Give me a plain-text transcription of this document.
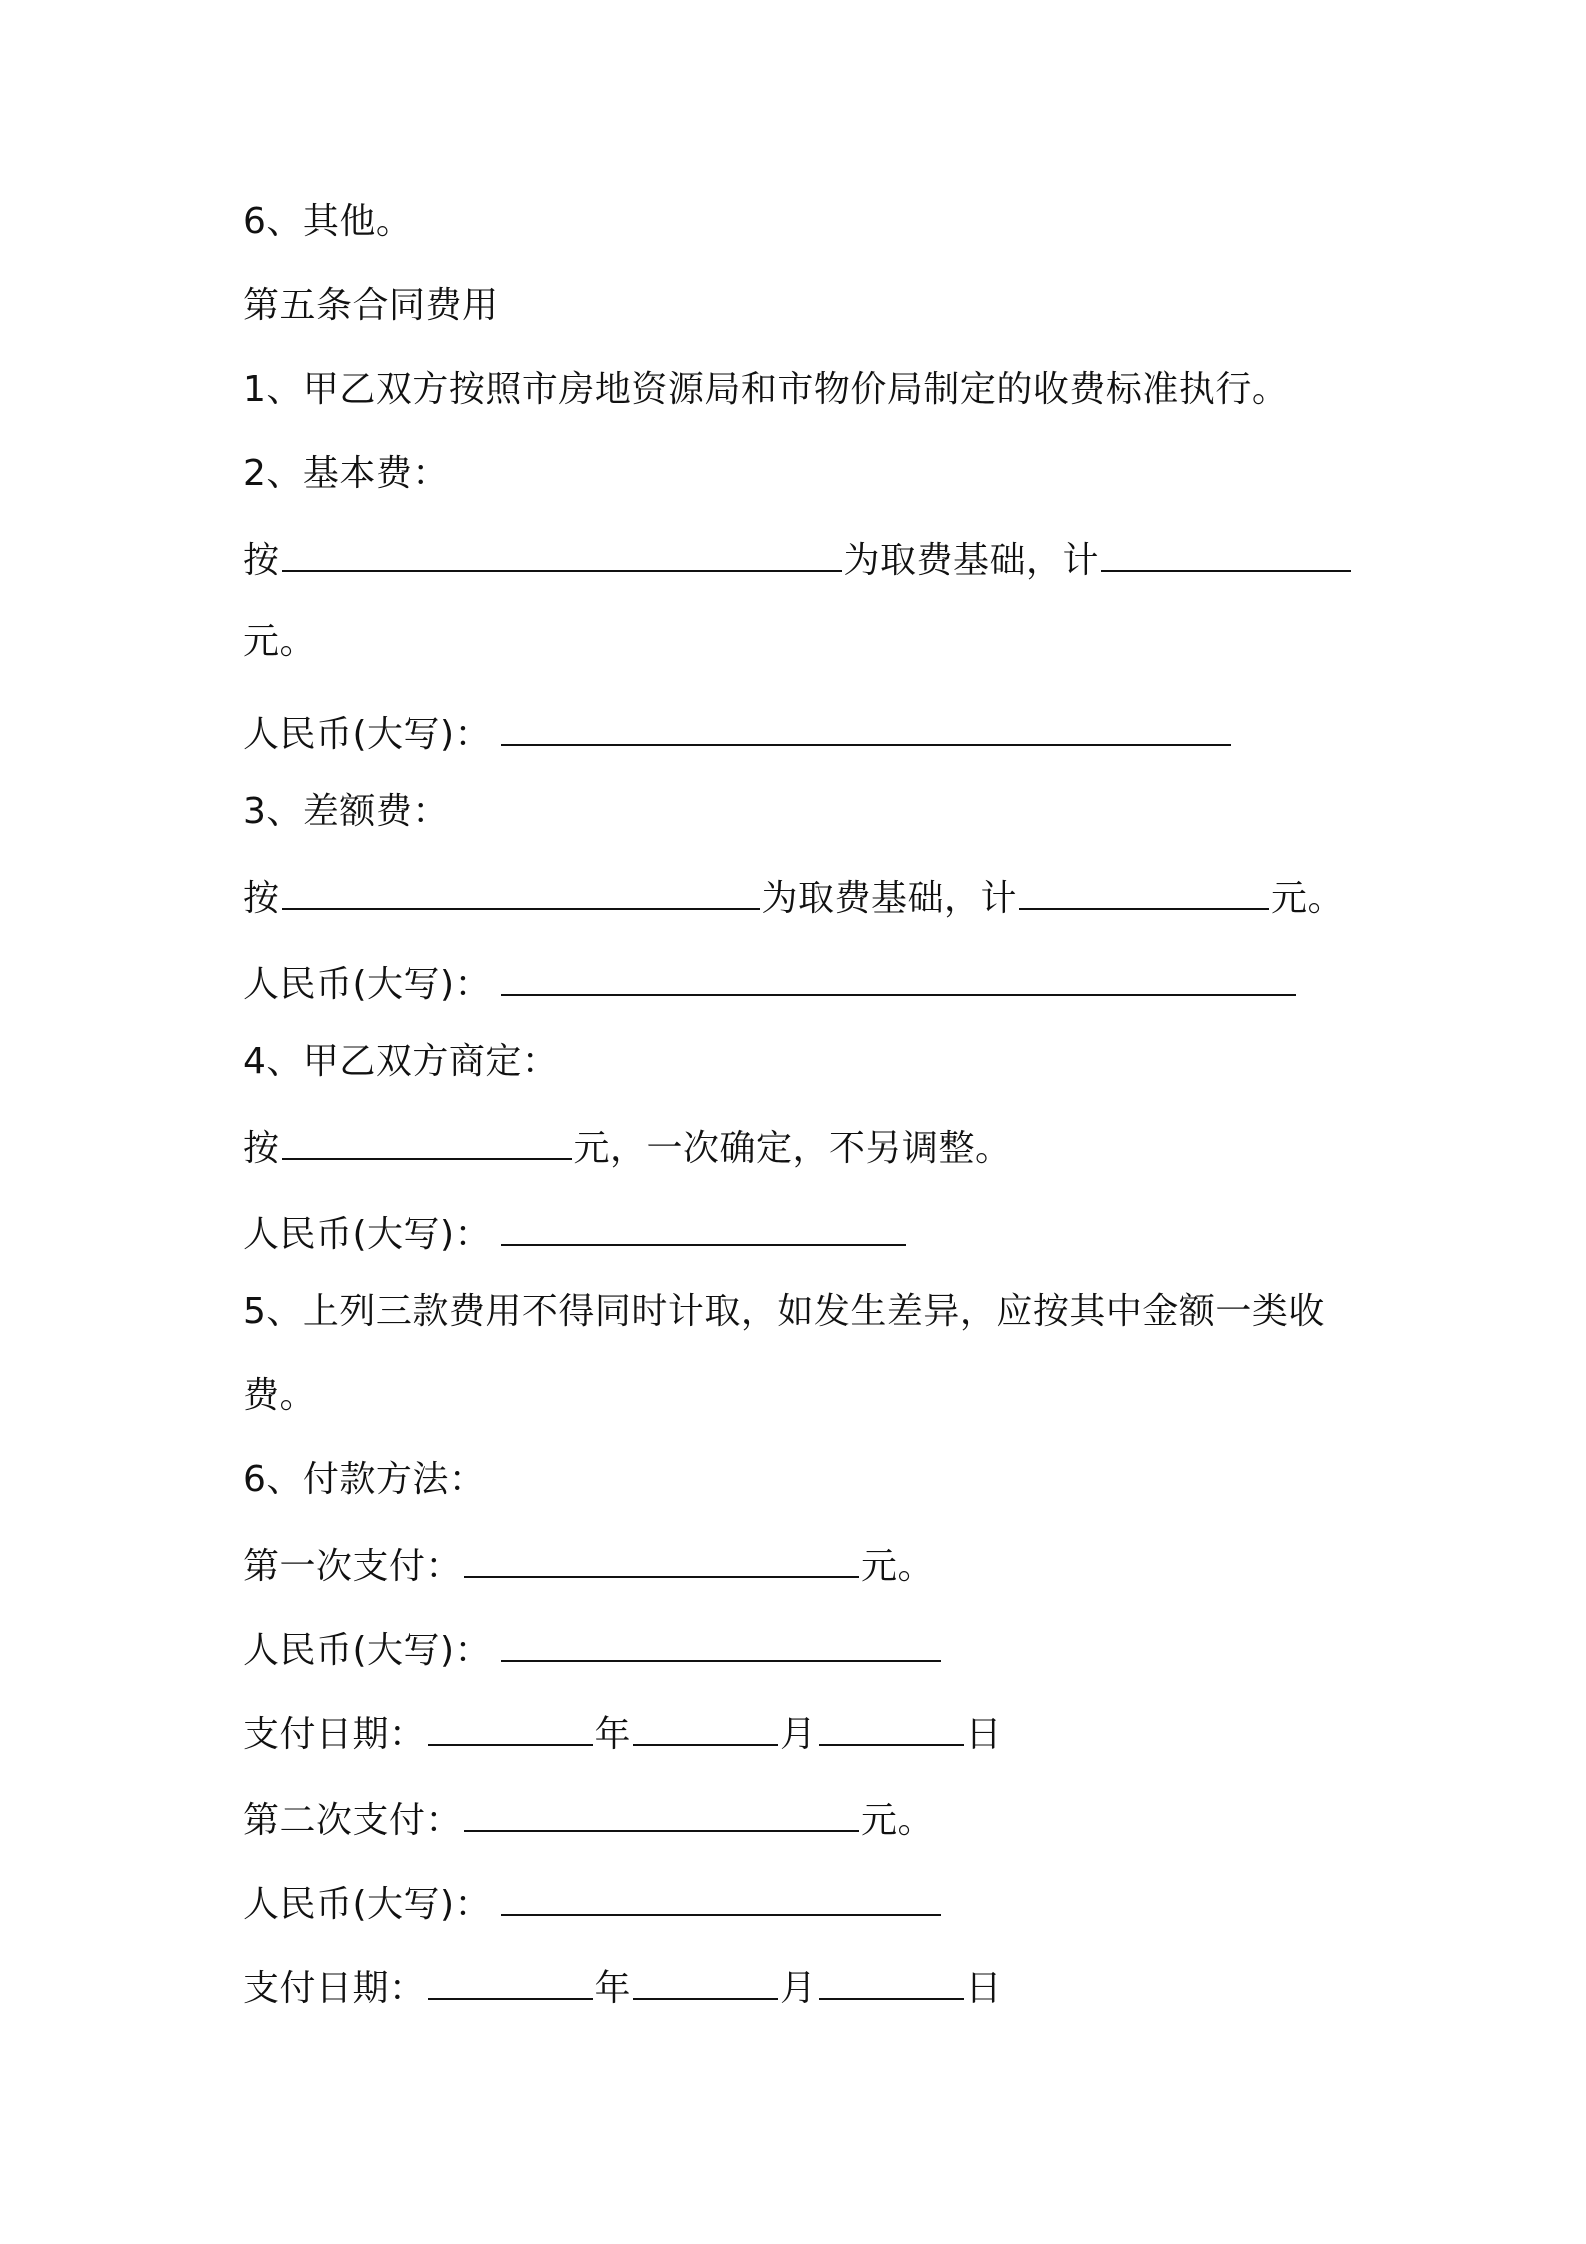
6、其他。
第五条合同费用
1、甲乙双方按照市房地资源局和市物价局制定的收费标准执行。
2、基本费：
按	为取费基础，计
元。
人民币(大写)：
3、差额费：
按	为取费基础，计	元。
人民币(大写)：
4、甲乙双方商定：
按	元，一次确定，不另调整。
人民币(大写)：
5、上列三款费用不得同时计取，如发生差异，应按其中金额一类收
费。
6、付款方法：
第一次支付：	元。
人民币(大写)：
支付日期：	年	月	日
第二次支付：	元。
人民币(大写)：
支付日期：	年	月	日
